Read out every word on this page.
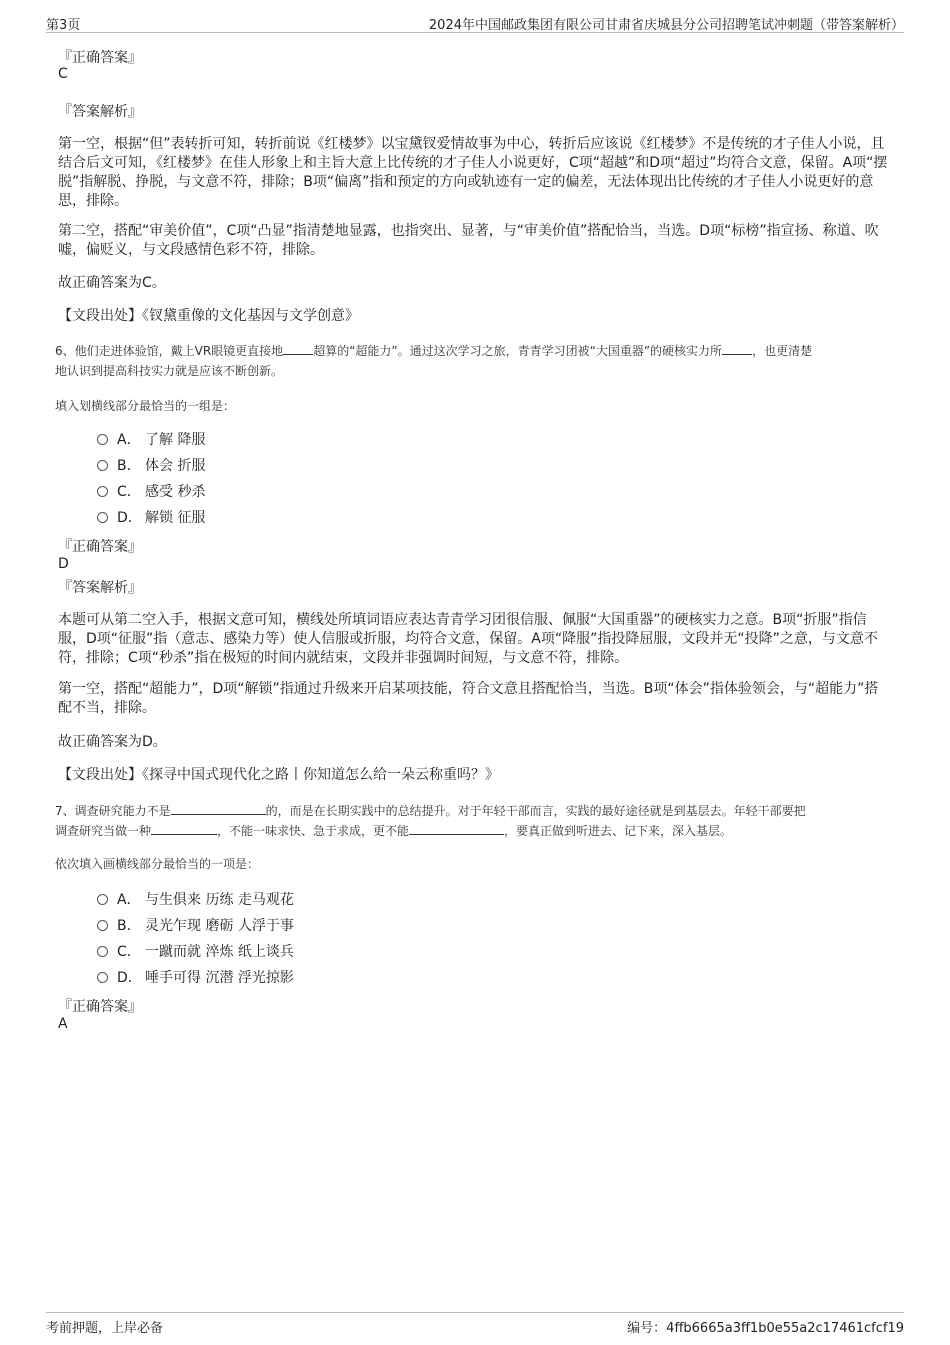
第3页	2024年中国邮政集团有限公司甘肃省庆城县分公司招聘笔试冲刺题（带答案解析）
『正确答案』
C
『答案解析』
第一空，根据“但”表转折可知，转折前说《红楼梦》以宝黛钗爱情故事为中心，转折后应该说《红楼梦》不是传统的才子佳人小说，且结合后文可知，《红楼梦》在佳人形象上和主旨大意上比传统的才子佳人小说更好，C项“超越”和D项“超过”均符合文意，保留。A项“摆脱”指解脱、挣脱，与文意不符，排除；B项“偏离”指和预定的方向或轨迹有一定的偏差，无法体现出比传统的才子佳人小说更好的意思，排除。
第二空，搭配“审美价值”，C项“凸显”指清楚地显露，也指突出、显著，与“审美价值”搭配恰当，当选。D项“标榜”指宣扬、称道、吹嘘，偏贬义，与文段感情色彩不符，排除。
故正确答案为C。
【文段出处】《钗黛重像的文化基因与文学创意》
6、他们走进体验馆，戴上VR眼镜更直接地	超算的“超能力”。通过这次学习之旅，青青学习团被“大国重器”的硬核实力所	，也更清楚
地认识到提高科技实力就是应该不断创新。
填入划横线部分最恰当的一组是：
A． 了解 降服
B． 体会 折服
C． 感受 秒杀
D． 解锁 征服
『正确答案』
D
『答案解析』
本题可从第二空入手，根据文意可知，横线处所填词语应表达青青学习团很信服、佩服“大国重器”的硬核实力之意。B项“折服”指信服，D项“征服”指（意志、感染力等）使人信服或折服，均符合文意，保留。A项“降服”指投降屈服，文段并无“投降”之意，与文意不符，排除；C项“秒杀”指在极短的时间内就结束，文段并非强调时间短，与文意不符，排除。
第一空，搭配“超能力”，D项“解锁”指通过升级来开启某项技能，符合文意且搭配恰当，当选。B项“体会”指体验领会，与“超能力”搭配不当，排除。
故正确答案为D。
【文段出处】《探寻中国式现代化之路丨你知道怎么给一朵云称重吗？》
7、调查研究能力不是	的，而是在长期实践中的总结提升。对于年轻干部而言，实践的最好途径就是到基层去。年轻干部要把
调查研究当做一种	，不能一味求快、急于求成，更不能	，要真正做到听进去、记下来，深入基层。
依次填入画横线部分最恰当的一项是：
A． 与生俱来 历练 走马观花
B． 灵光乍现 磨砺 人浮于事
C． 一蹴而就 淬炼 纸上谈兵
D． 唾手可得 沉潜 浮光掠影
『正确答案』
A
考前押题，上岸必备	编号：4ffb6665a3ff1b0e55a2c17461cfcf19
